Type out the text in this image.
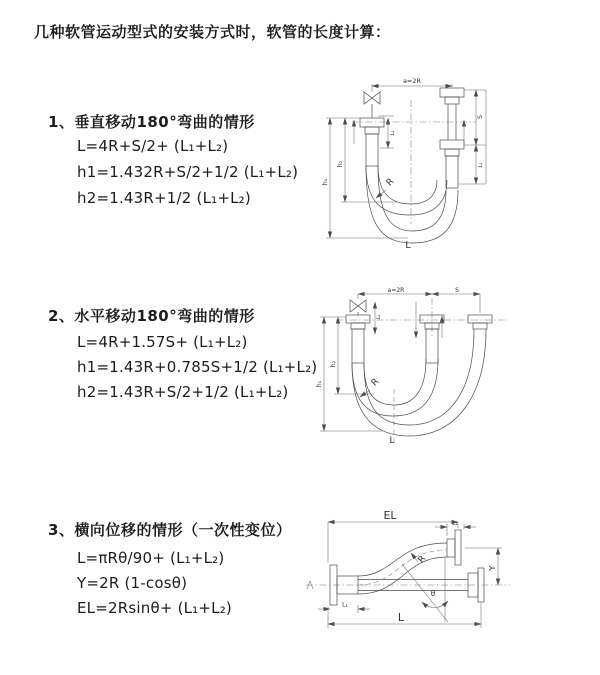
几种软管运动型式的安装方式时，软管的长度计算：
1、垂直移动180°弯曲的情形
L=4R+S/2+ (L₁+L₂)
h1=1.432R+S/2+1/2 (L₁+L₂)
h2=1.43R+1/2 (L₁+L₂)
2、水平移动180°弯曲的情形
L=4R+1.57S+ (L₁+L₂)
h1=1.43R+0.785S+1/2 (L₁+L₂)
h2=1.43R+S/2+1/2 (L₁+L₂)
3、横向位移的情形（一次性变位）
L=πRθ/90+ (L₁+L₂)
Y=2R (1-cosθ)
EL=2Rsinθ+ (L₁+L₂)
a=2R
R
h₁
h₂
L₁
S
L₁
L
a=2R	S
L₁
R
h₁
h₂
L
EL
L₁
Y
θ
R
L
L₁
